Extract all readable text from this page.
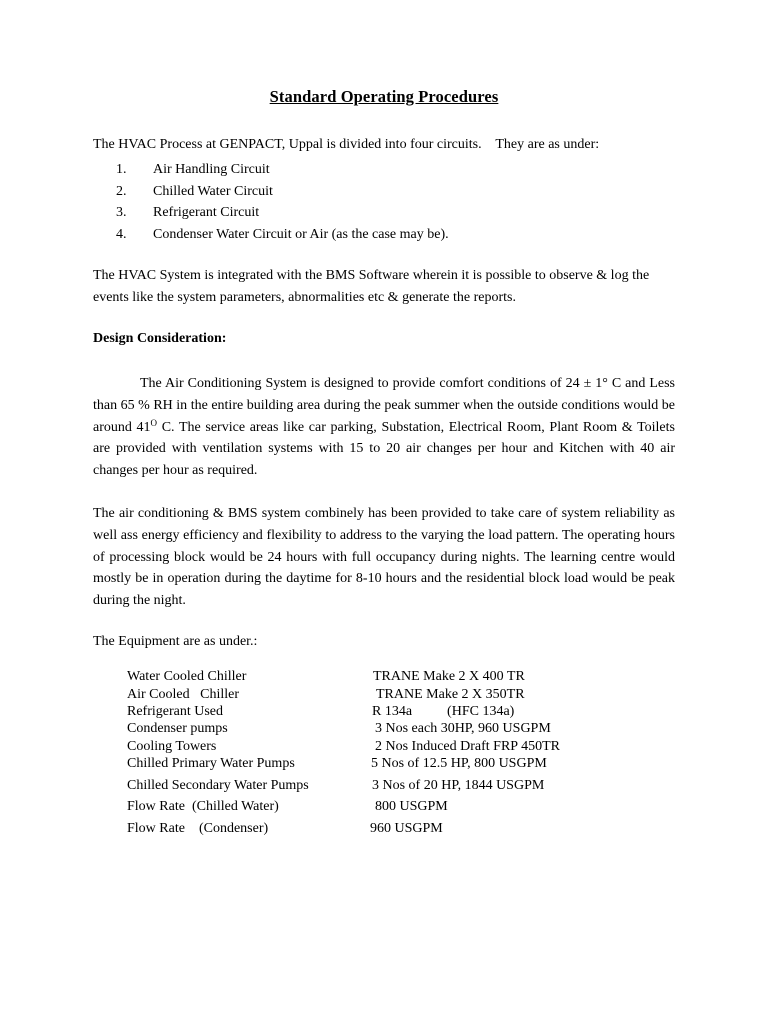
Standard Operating Procedures
The HVAC Process at GENPACT, Uppal is divided into four circuits.    They are as under:
1. Air Handling Circuit
2. Chilled Water Circuit
3. Refrigerant Circuit
4. Condenser Water Circuit or Air (as the case may be).

The HVAC System is integrated with the BMS Software wherein it is possible to observe & log the events like the system parameters, abnormalities etc & generate the reports.

Design Consideration:

The Air Conditioning System is designed to provide comfort conditions of 24 ± 1° C and Less than 65 % RH in the entire building area during the peak summer when the outside conditions would be around $41^O$ C. The service areas like car parking, Substation, Electrical Room, Plant Room & Toilets are provided with ventilation systems with 15 to 20 air changes per hour and Kitchen with 40 air changes per hour as required.

The air conditioning & BMS system combinely has been provided to take care of system reliability as well ass energy efficiency and flexibility to address to the varying the load pattern. The operating hours of processing block would be 24 hours with full occupancy during nights. The learning centre would mostly be in operation during the daytime for 8-10 hours and the residential block load would be peak during the night.

The Equipment are as under.:
Water Cooled Chiller	TRANE Make 2 X 400 TR
Air Cooled   Chiller	TRANE Make 2 X 350TR
Refrigerant Used	R 134a          (HFC 134a)
Condenser pumps	3 Nos each 30HP, 960 USGPM
Cooling Towers	2 Nos Induced Draft FRP 450TR
Chilled Primary Water Pumps	5 Nos of 12.5 HP, 800 USGPM
Chilled Secondary Water Pumps	3 Nos of 20 HP, 1844 USGPM
Flow Rate  (Chilled Water)	800 USGPM
Flow Rate    (Condenser)	960 USGPM
